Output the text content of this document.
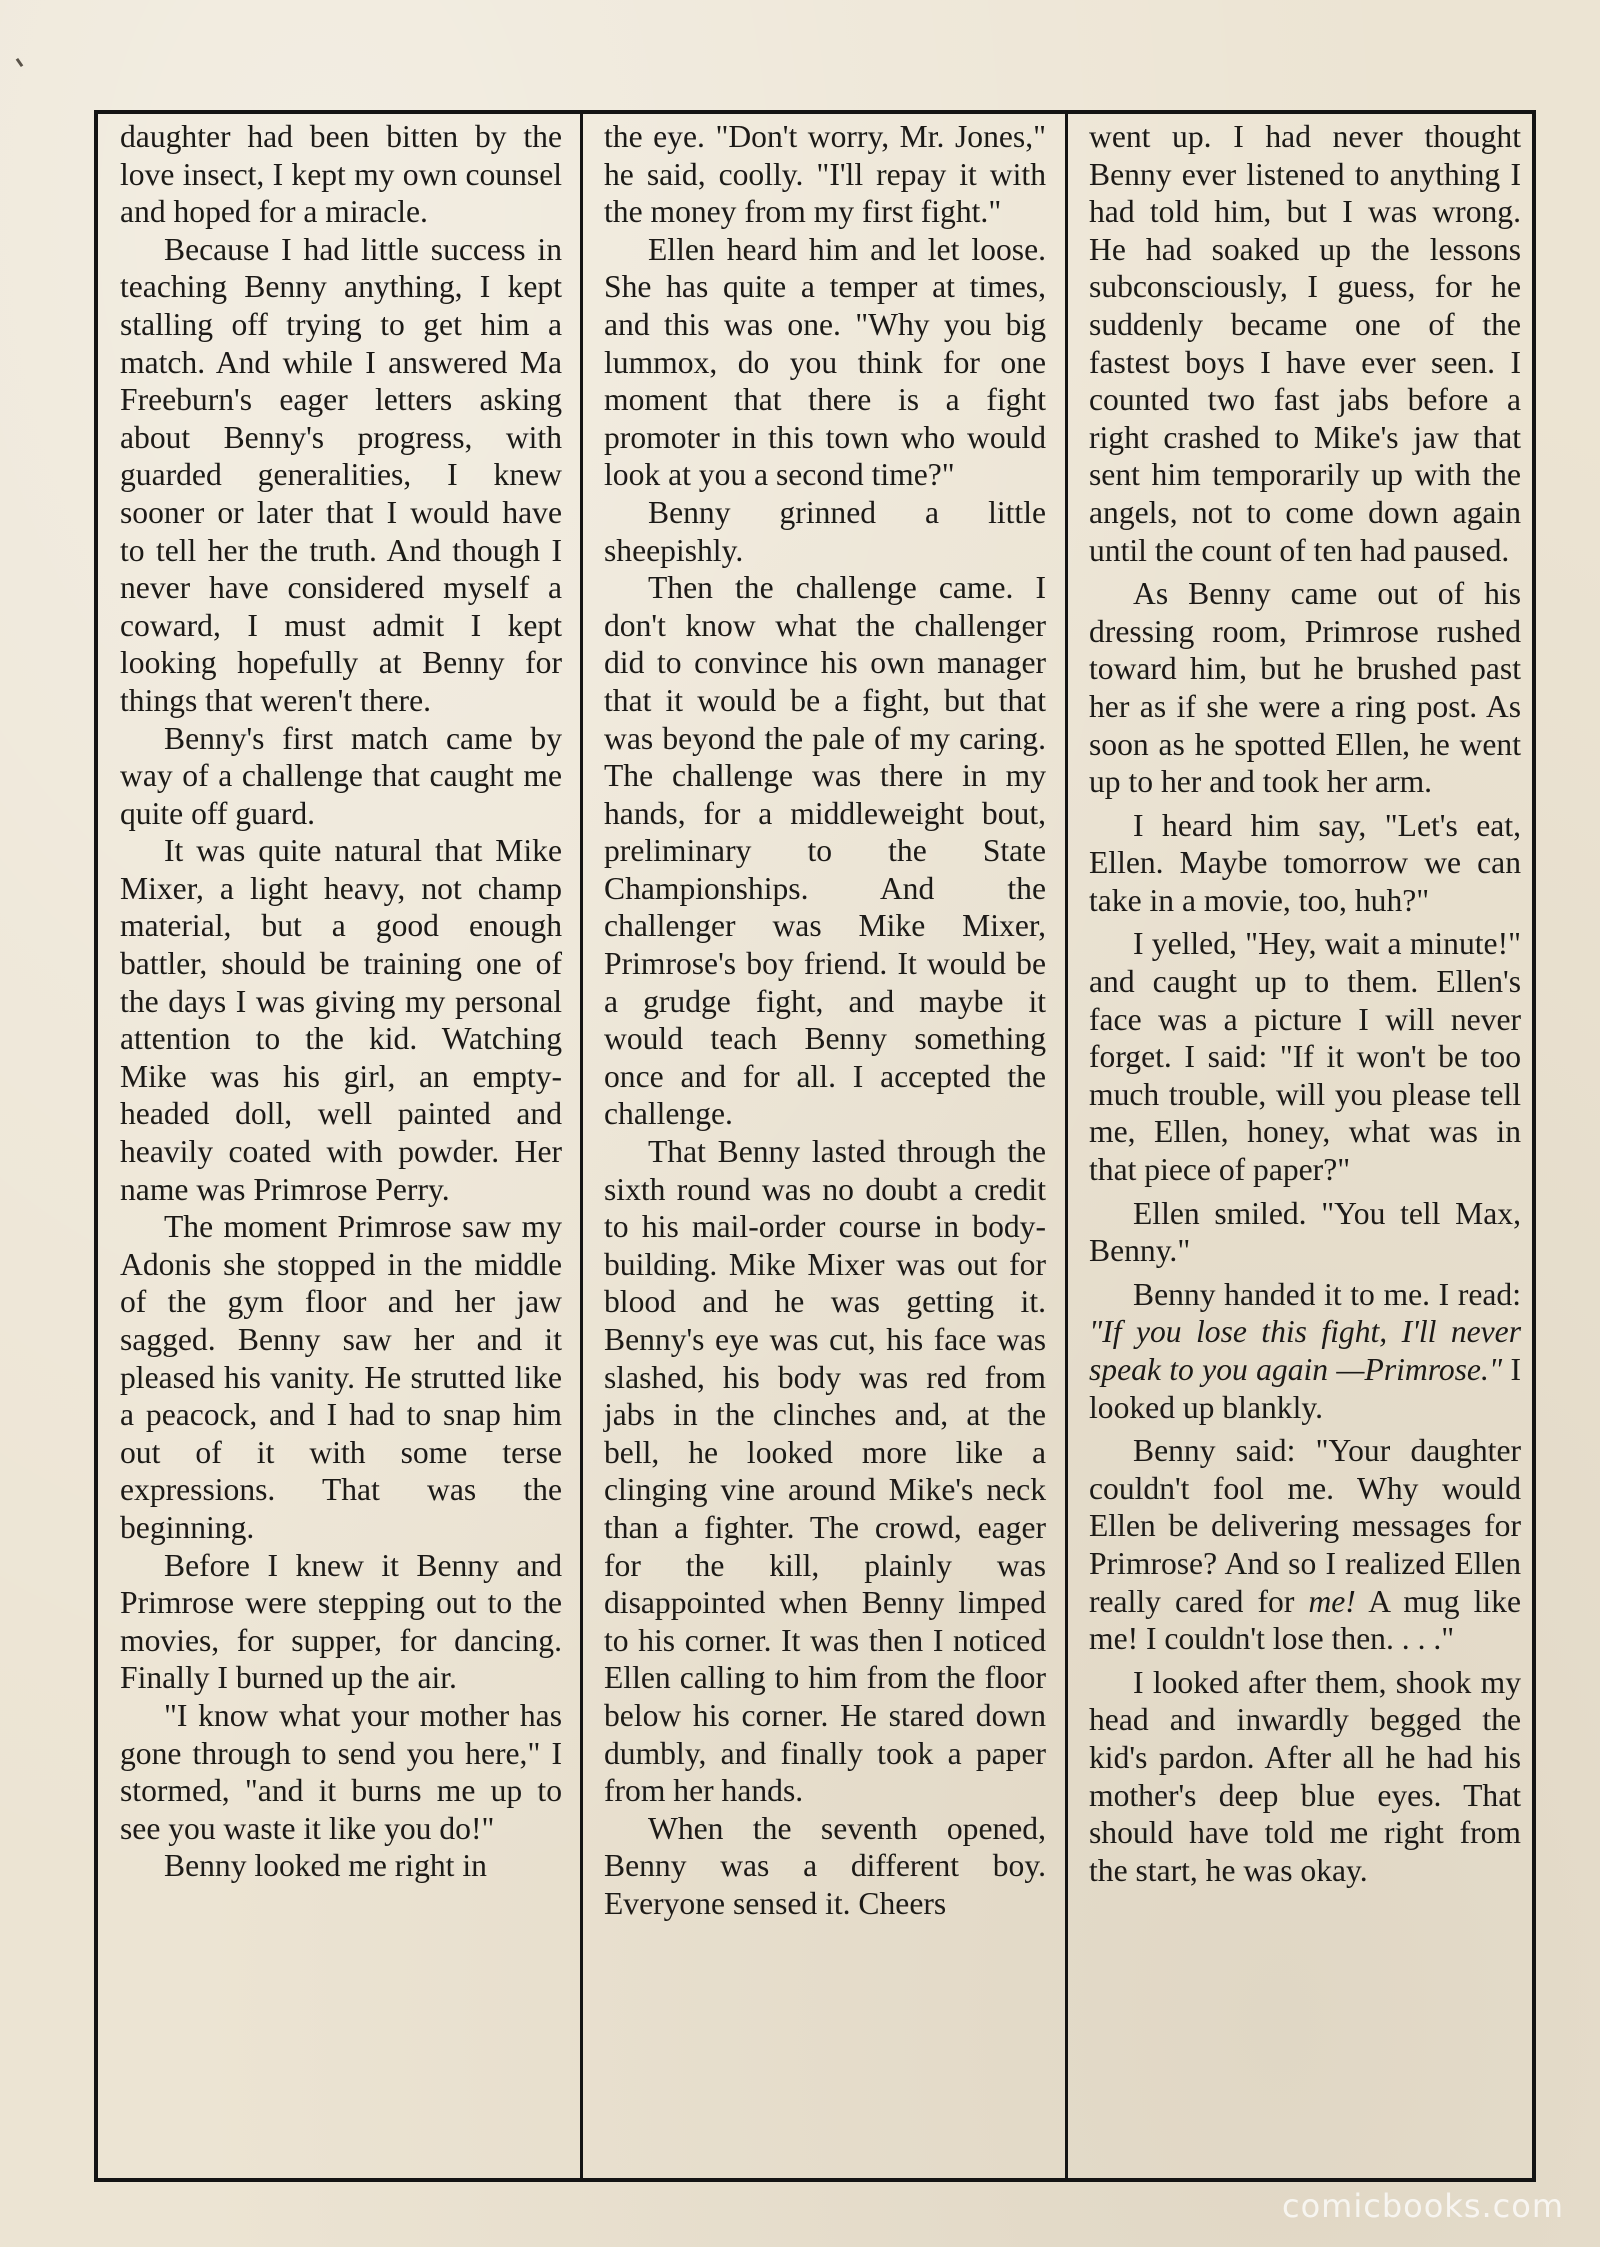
daughter had been bitten by the love insect, I kept my own counsel and hoped for a miracle.

Because I had little success in teaching Benny anything, I kept stalling off trying to get him a match. And while I answered Ma Freeburn's eager letters asking about Benny's progress, with guarded generalities, I knew sooner or later that I would have to tell her the truth. And though I never have considered myself a coward, I must admit I kept looking hopefully at Benny for things that weren't there.

Benny's first match came by way of a challenge that caught me quite off guard.

It was quite natural that Mike Mixer, a light heavy, not champ material, but a good enough battler, should be training one of the days I was giving my personal attention to the kid. Watching Mike was his girl, an empty-headed doll, well painted and heavily coated with powder. Her name was Primrose Perry.

The moment Primrose saw my Adonis she stopped in the middle of the gym floor and her jaw sagged. Benny saw her and it pleased his vanity. He strutted like a peacock, and I had to snap him out of it with some terse expressions. That was the beginning.

Before I knew it Benny and Primrose were stepping out to the movies, for supper, for dancing. Finally I burned up the air.

"I know what your mother has gone through to send you here," I stormed, "and it burns me up to see you waste it like you do!"

Benny looked me right in

the eye. "Don't worry, Mr. Jones," he said, coolly. "I'll repay it with the money from my first fight."

Ellen heard him and let loose. She has quite a temper at times, and this was one. "Why you big lummox, do you think for one moment that there is a fight promoter in this town who would look at you a second time?"

Benny grinned a little sheepishly.

Then the challenge came. I don't know what the challenger did to convince his own manager that it would be a fight, but that was beyond the pale of my caring. The challenge was there in my hands, for a middleweight bout, preliminary to the State Championships. And the challenger was Mike Mixer, Primrose's boy friend. It would be a grudge fight, and maybe it would teach Benny something once and for all. I accepted the challenge.

That Benny lasted through the sixth round was no doubt a credit to his mail-order course in body-building. Mike Mixer was out for blood and he was getting it. Benny's eye was cut, his face was slashed, his body was red from jabs in the clinches and, at the bell, he looked more like a clinging vine around Mike's neck than a fighter. The crowd, eager for the kill, plainly was disappointed when Benny limped to his corner. It was then I noticed Ellen calling to him from the floor below his corner. He stared down dumbly, and finally took a paper from her hands.

When the seventh opened, Benny was a different boy. Everyone sensed it. Cheers

went up. I had never thought Benny ever listened to anything I had told him, but I was wrong. He had soaked up the lessons subconsciously, I guess, for he suddenly became one of the fastest boys I have ever seen. I counted two fast jabs before a right crashed to Mike's jaw that sent him temporarily up with the angels, not to come down again until the count of ten had paused.

As Benny came out of his dressing room, Primrose rushed toward him, but he brushed past her as if she were a ring post. As soon as he spotted Ellen, he went up to her and took her arm.

I heard him say, "Let's eat, Ellen. Maybe tomorrow we can take in a movie, too, huh?"

I yelled, "Hey, wait a minute!" and caught up to them. Ellen's face was a picture I will never forget. I said: "If it won't be too much trouble, will you please tell me, Ellen, honey, what was in that piece of paper?"

Ellen smiled. "You tell Max, Benny."

Benny handed it to me. I read: "If you lose this fight, I'll never speak to you again —Primrose." I looked up blankly.

Benny said: "Your daughter couldn't fool me. Why would Ellen be delivering messages for Primrose? And so I realized Ellen really cared for me! A mug like me! I couldn't lose then. . . ."

I looked after them, shook my head and inwardly begged the kid's pardon. After all he had his mother's deep blue eyes. That should have told me right from the start, he was okay.

comicbooks.com
